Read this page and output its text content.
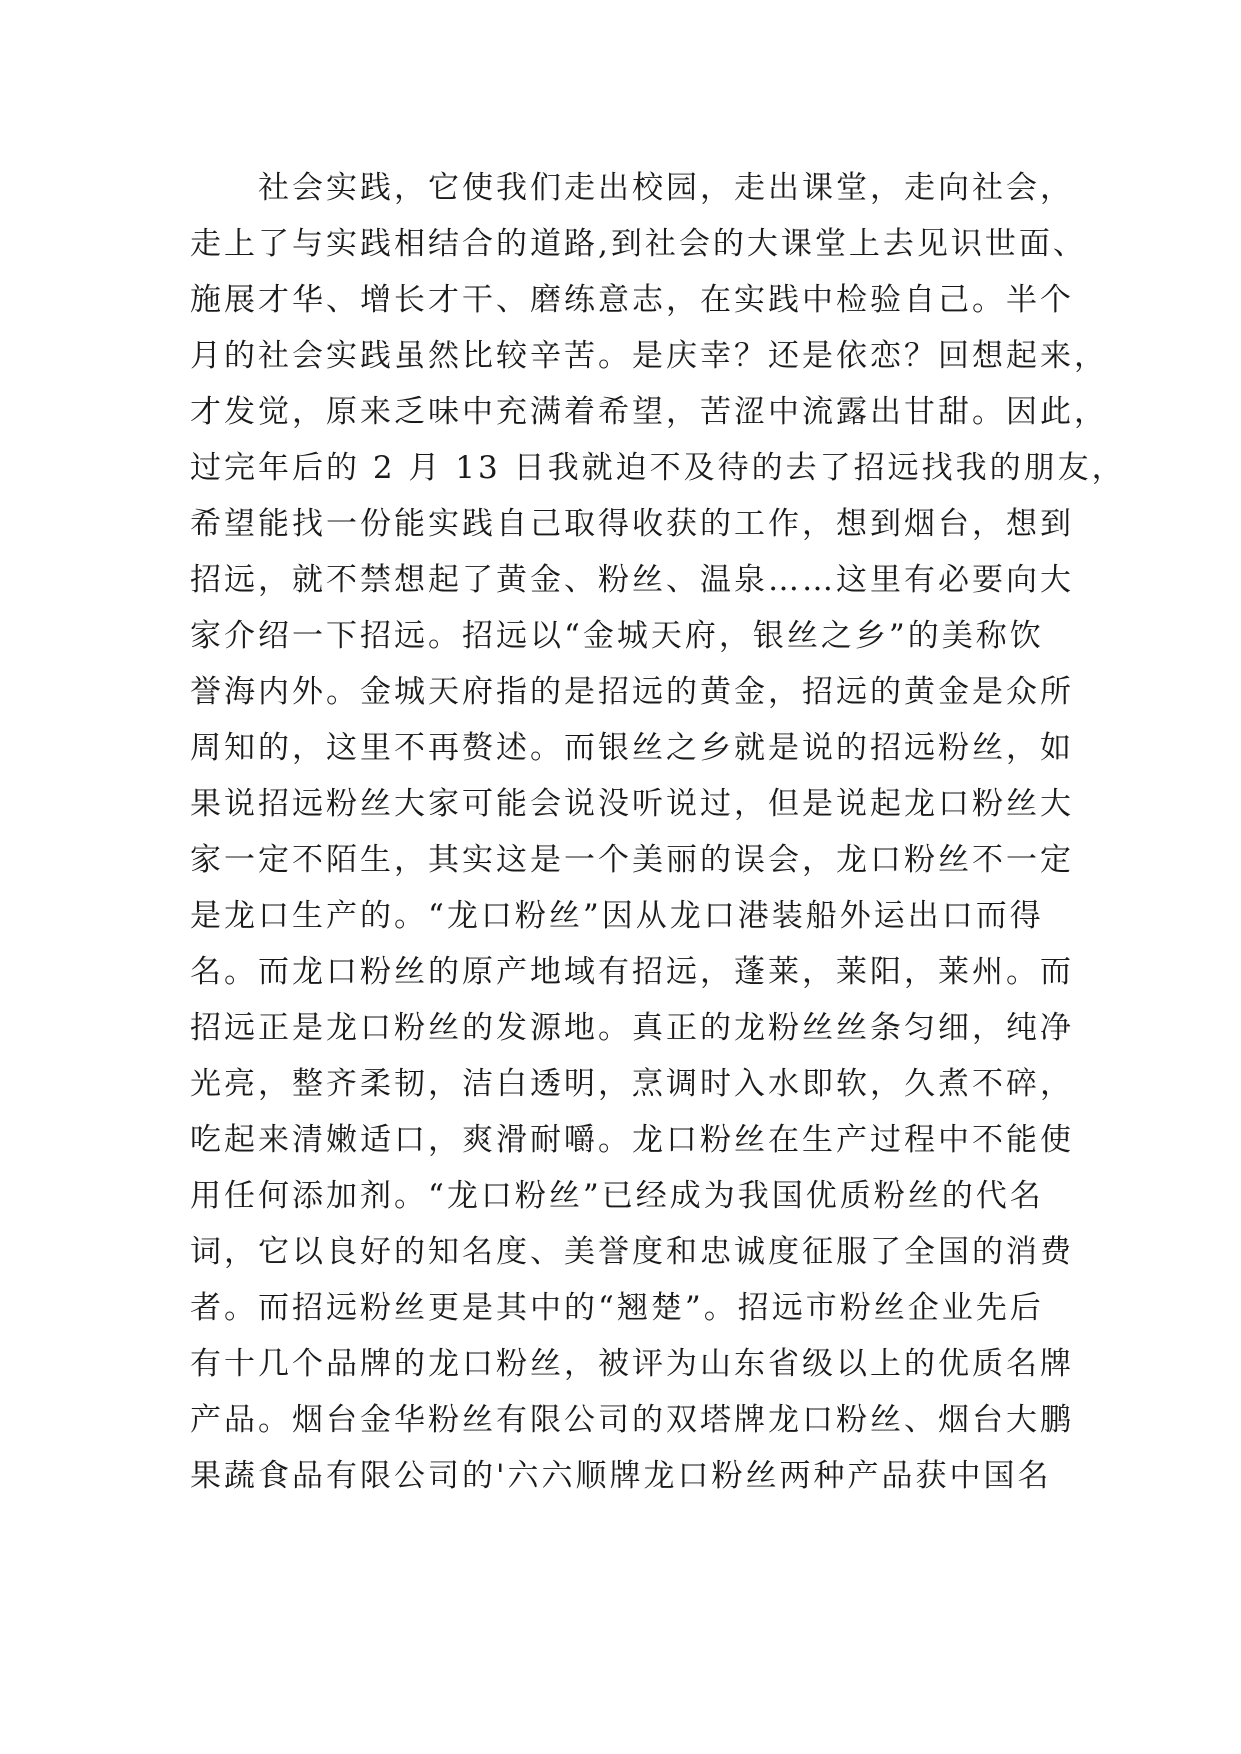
社会实践，它使我们走出校园，走出课堂，走向社会，
走上了与实践相结合的道路,到社会的大课堂上去见识世面、
施展才华、增长才干、磨练意志，在实践中检验自己。半个
月的社会实践虽然比较辛苦。是庆幸？还是依恋？回想起来，
才发觉，原来乏味中充满着希望，苦涩中流露出甘甜。因此，
过完年后的 2 月 13 日我就迫不及待的去了招远找我的朋友，
希望能找一份能实践自己取得收获的工作，想到烟台，想到
招远，就不禁想起了黄金、粉丝、温泉……这里有必要向大
家介绍一下招远。招远以“金城天府，银丝之乡”的美称饮
誉海内外。金城天府指的是招远的黄金，招远的黄金是众所
周知的，这里不再赘述。而银丝之乡就是说的招远粉丝，如
果说招远粉丝大家可能会说没听说过，但是说起龙口粉丝大
家一定不陌生，其实这是一个美丽的误会，龙口粉丝不一定
是龙口生产的。“龙口粉丝”因从龙口港装船外运出口而得
名。而龙口粉丝的原产地域有招远，蓬莱，莱阳，莱州。而
招远正是龙口粉丝的发源地。真正的龙粉丝丝条匀细，纯净
光亮，整齐柔韧，洁白透明，烹调时入水即软，久煮不碎，
吃起来清嫩适口，爽滑耐嚼。龙口粉丝在生产过程中不能使
用任何添加剂。“龙口粉丝”已经成为我国优质粉丝的代名
词，它以良好的知名度、美誉度和忠诚度征服了全国的消费
者。而招远粉丝更是其中的“翘楚”。招远市粉丝企业先后
有十几个品牌的龙口粉丝，被评为山东省级以上的优质名牌
产品。烟台金华粉丝有限公司的双塔牌龙口粉丝、烟台大鹏
果蔬食品有限公司的'六六顺牌龙口粉丝两种产品获中国名
